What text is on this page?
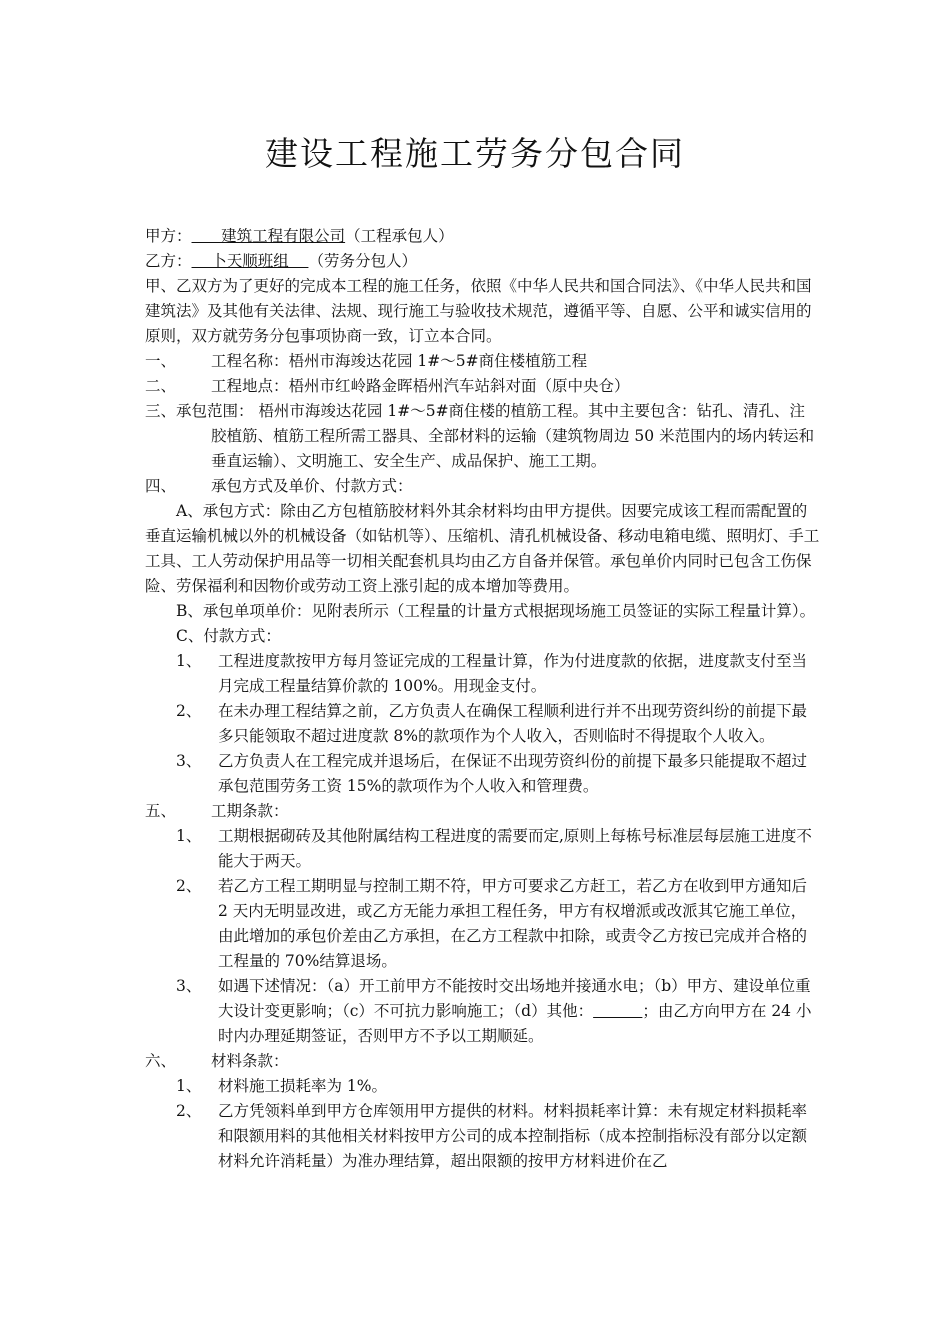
建设工程施工劳务分包合同

甲方：      建筑工程有限公司（工程承包人）

乙方：    卜天顺班组    （劳务分包人）

甲、乙双方为了更好的完成本工程的施工任务，依照《中华人民共和国合同法》、《中华人民共和国建筑法》及其他有关法律、法规、现行施工与验收技术规范，遵循平等、自愿、公平和诚实信用的原则，双方就劳务分包事项协商一致，订立本合同。

一、	工程名称：梧州市海竣达花园 1#～5#商住楼植筋工程
二、	工程地点：梧州市红岭路金晖梧州汽车站斜对面（原中央仓）
三、 承包范围： 梧州市海竣达花园 1#～5#商住楼的植筋工程。其中主要包含：钻孔、清孔、注胶植筋、植筋工程所需工器具、全部材料的运输（建筑物周边 50 米范围内的场内转运和垂直运输）、文明施工、安全生产、成品保护、施工工期。
四、	承包方式及单价、付款方式：

A、承包方式：除由乙方包植筋胶材料外其余材料均由甲方提供。因要完成该工程而需配置的垂直运输机械以外的机械设备（如钻机等）、压缩机、清孔机械设备、移动电箱电缆、照明灯、手工工具、工人劳动保护用品等一切相关配套机具均由乙方自备并保管。承包单价内同时已包含工伤保险、劳保福利和因物价或劳动工资上涨引起的成本增加等费用。

B、承包单项单价：见附表所示（工程量的计量方式根据现场施工员签证的实际工程量计算）。

C、付款方式：

1、	工程进度款按甲方每月签证完成的工程量计算，作为付进度款的依据，进度款支付至当月完成工程量结算价款的 100%。用现金支付。
2、	在未办理工程结算之前，乙方负责人在确保工程顺利进行并不出现劳资纠纷的前提下最多只能领取不超过进度款 8%的款项作为个人收入，否则临时不得提取个人收入。
3、	乙方负责人在工程完成并退场后，在保证不出现劳资纠份的前提下最多只能提取不超过承包范围劳务工资 15%的款项作为个人收入和管理费。
五、	工期条款：
1、	工期根据砌砖及其他附属结构工程进度的需要而定,原则上每栋号标准层每层施工进度不能大于两天。
2、	若乙方工程工期明显与控制工期不符，甲方可要求乙方赶工，若乙方在收到甲方通知后 2 天内无明显改进，或乙方无能力承担工程任务，甲方有权增派或改派其它施工单位，由此增加的承包价差由乙方承担，在乙方工程款中扣除，或责令乙方按已完成并合格的工程量的 70%结算退场。
3、	如遇下述情况：（a）开工前甲方不能按时交出场地并接通水电；（b）甲方、建设单位重大设计变更影响；（c）不可抗力影响施工；（d）其他：	；由乙方向甲方在 24 小时内办理延期签证，否则甲方不予以工期顺延。
六、	材料条款：
1、	材料施工损耗率为 1%。
2、	乙方凭领料单到甲方仓库领用甲方提供的材料。材料损耗率计算：未有规定材料损耗率和限额用料的其他相关材料按甲方公司的成本控制指标（成本控制指标没有部分以定额材料允许消耗量）为准办理结算，超出限额的按甲方材料进价在乙
